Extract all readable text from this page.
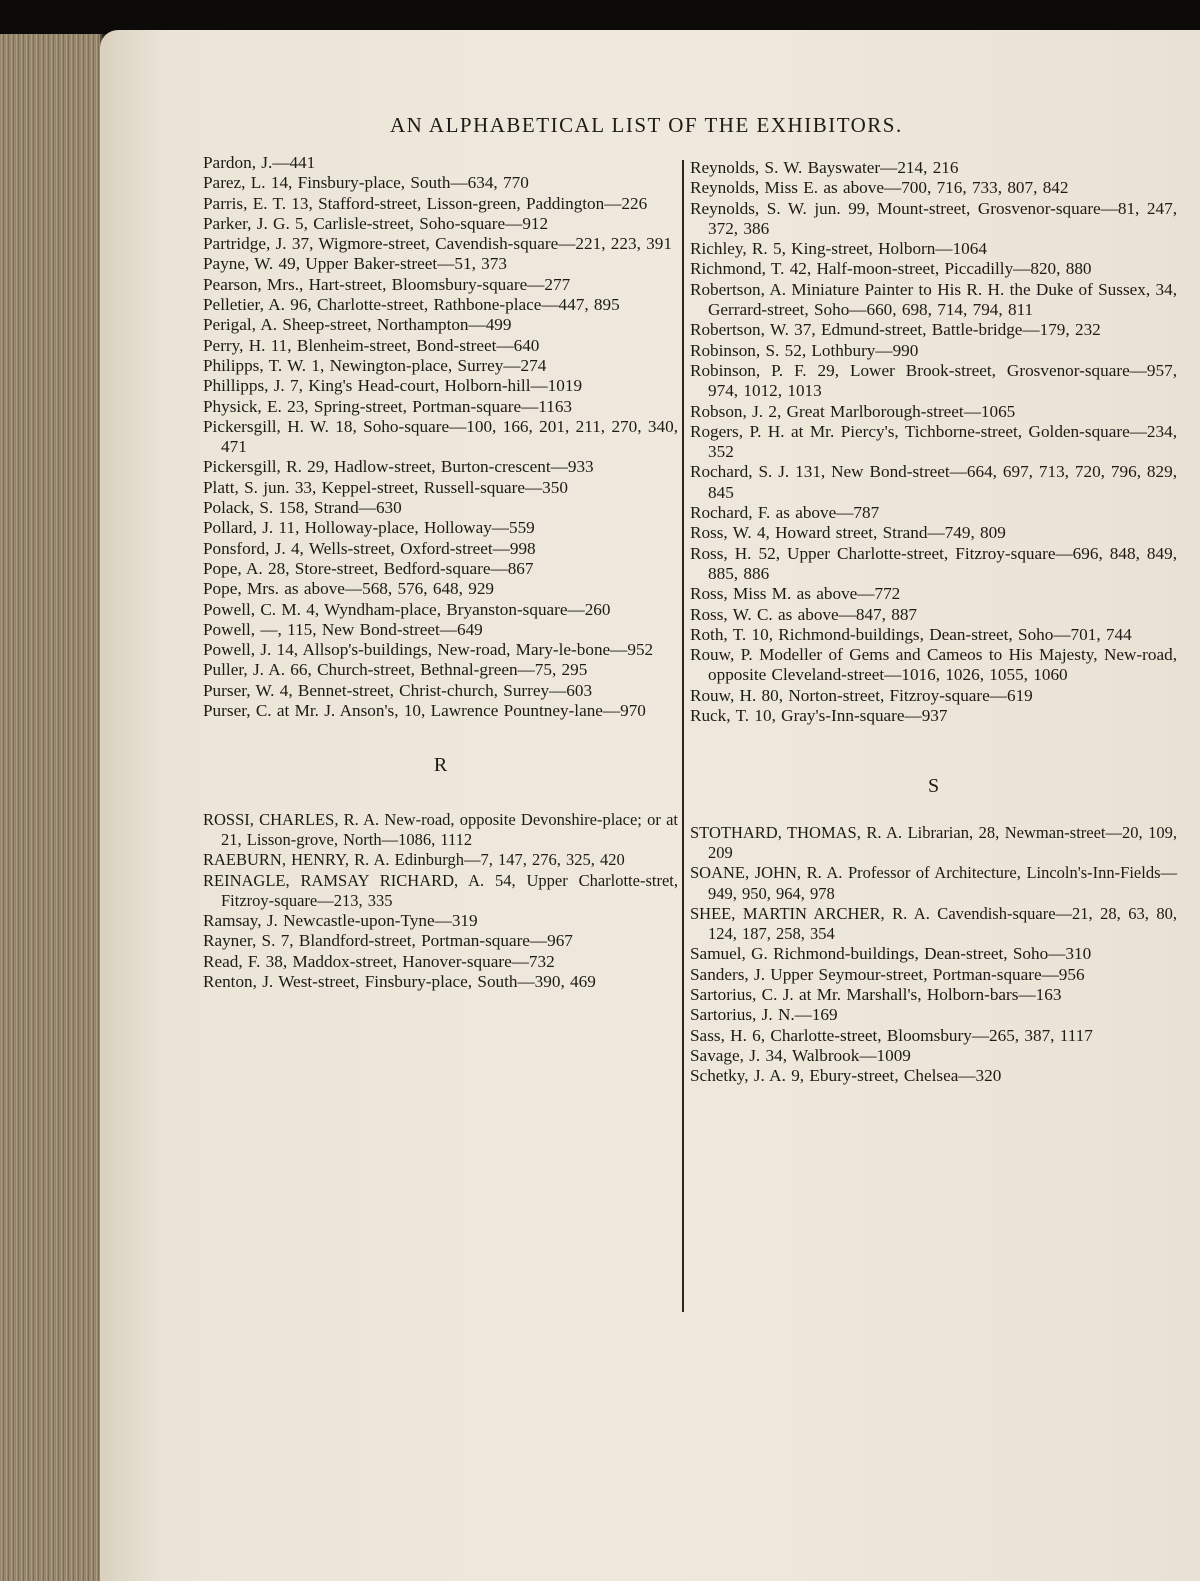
AN ALPHABETICAL LIST OF THE EXHIBITORS.
Pardon, J.—441
Parez, L. 14, Finsbury-place, South—634, 770
Parris, E. T. 13, Stafford-street, Lisson-green, Paddington—226
Parker, J. G. 5, Carlisle-street, Soho-square—912
Partridge, J. 37, Wigmore-street, Cavendish-square—221, 223, 391
Payne, W. 49, Upper Baker-street—51, 373
Pearson, Mrs., Hart-street, Bloomsbury-square—277
Pelletier, A. 96, Charlotte-street, Rathbone-place—447, 895
Perigal, A. Sheep-street, Northampton—499
Perry, H. 11, Blenheim-street, Bond-street—640
Philipps, T. W. 1, Newington-place, Surrey—274
Phillipps, J. 7, King's Head-court, Holborn-hill—1019
Physick, E. 23, Spring-street, Portman-square—1163
Pickersgill, H. W. 18, Soho-square—100, 166, 201, 211, 270, 340, 471
Pickersgill, R. 29, Hadlow-street, Burton-crescent—933
Platt, S. jun. 33, Keppel-street, Russell-square—350
Polack, S. 158, Strand—630
Pollard, J. 11, Holloway-place, Holloway—559
Ponsford, J. 4, Wells-street, Oxford-street—998
Pope, A. 28, Store-street, Bedford-square—867
Pope, Mrs. as above—568, 576, 648, 929
Powell, C. M. 4, Wyndham-place, Bryanston-square—260
Powell, —, 115, New Bond-street—649
Powell, J. 14, Allsop's-buildings, New-road, Mary-le-bone—952
Puller, J. A. 66, Church-street, Bethnal-green—75, 295
Purser, W. 4, Bennet-street, Christ-church, Surrey—603
Purser, C. at Mr. J. Anson's, 10, Lawrence Pountney-lane—970
R
ROSSI, CHARLES, R. A. New-road, opposite Devonshire-place; or at 21, Lisson-grove, North—1086, 1112
RAEBURN, HENRY, R. A. Edinburgh—7, 147, 276, 325, 420
REINAGLE, RAMSAY RICHARD, A. 54, Upper Charlotte-stret, Fitzroy-square—213, 335
Ramsay, J. Newcastle-upon-Tyne—319
Rayner, S. 7, Blandford-street, Portman-square—967
Read, F. 38, Maddox-street, Hanover-square—732
Renton, J. West-street, Finsbury-place, South—390, 469
Reynolds, S. W. Bayswater—214, 216
Reynolds, Miss E. as above—700, 716, 733, 807, 842
Reynolds, S. W. jun. 99, Mount-street, Grosvenor-square—81, 247, 372, 386
Richley, R. 5, King-street, Holborn—1064
Richmond, T. 42, Half-moon-street, Piccadilly—820, 880
Robertson, A. Miniature Painter to His R. H. the Duke of Sussex, 34, Gerrard-street, Soho—660, 698, 714, 794, 811
Robertson, W. 37, Edmund-street, Battle-bridge—179, 232
Robinson, S. 52, Lothbury—990
Robinson, P. F. 29, Lower Brook-street, Grosvenor-square—957, 974, 1012, 1013
Robson, J. 2, Great Marlborough-street—1065
Rogers, P. H. at Mr. Piercy's, Tichborne-street, Golden-square—234, 352
Rochard, S. J. 131, New Bond-street—664, 697, 713, 720, 796, 829, 845
Rochard, F. as above—787
Ross, W. 4, Howard street, Strand—749, 809
Ross, H. 52, Upper Charlotte-street, Fitzroy-square—696, 848, 849, 885, 886
Ross, Miss M. as above—772
Ross, W. C. as above—847, 887
Roth, T. 10, Richmond-buildings, Dean-street, Soho—701, 744
Rouw, P. Modeller of Gems and Cameos to His Majesty, New-road, opposite Cleveland-street—1016, 1026, 1055, 1060
Rouw, H. 80, Norton-street, Fitzroy-square—619
Ruck, T. 10, Gray's-Inn-square—937
S
STOTHARD, THOMAS, R. A. Librarian, 28, Newman-street—20, 109, 209
SOANE, JOHN, R. A. Professor of Architecture, Lincoln's-Inn-Fields—949, 950, 964, 978
SHEE, MARTIN ARCHER, R. A. Cavendish-square—21, 28, 63, 80, 124, 187, 258, 354
Samuel, G. Richmond-buildings, Dean-street, Soho—310
Sanders, J. Upper Seymour-street, Portman-square—956
Sartorius, C. J. at Mr. Marshall's, Holborn-bars—163
Sartorius, J. N.—169
Sass, H. 6, Charlotte-street, Bloomsbury—265, 387, 1117
Savage, J. 34, Walbrook—1009
Schetky, J. A. 9, Ebury-street, Chelsea—320
